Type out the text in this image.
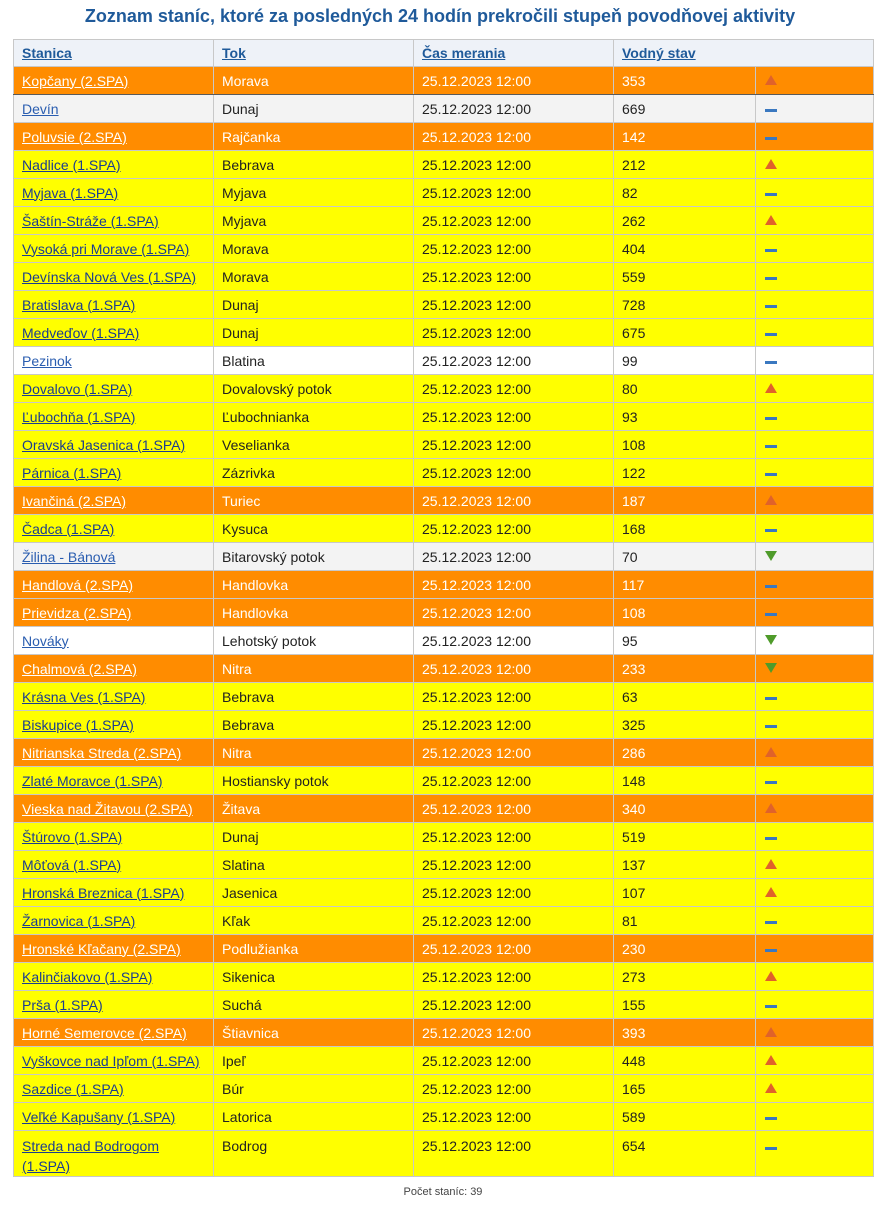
Zoznam staníc, ktoré za posledných 24 hodín prekročili stupeň povodňovej aktivity
Stanica	Tok	Čas merania	Vodný stav	
Kopčany (2.SPA)	Morava	25.12.2023 12:00	353	
Devín	Dunaj	25.12.2023 12:00	669	
Poluvsie (2.SPA)	Rajčanka	25.12.2023 12:00	142	
Nadlice (1.SPA)	Bebrava	25.12.2023 12:00	212	
Myjava (1.SPA)	Myjava	25.12.2023 12:00	82	
Šaštín-Stráže (1.SPA)	Myjava	25.12.2023 12:00	262	
Vysoká pri Morave (1.SPA)	Morava	25.12.2023 12:00	404	
Devínska Nová Ves (1.SPA)	Morava	25.12.2023 12:00	559	
Bratislava (1.SPA)	Dunaj	25.12.2023 12:00	728	
Medveďov (1.SPA)	Dunaj	25.12.2023 12:00	675	
Pezinok	Blatina	25.12.2023 12:00	99	
Dovalovo (1.SPA)	Dovalovský potok	25.12.2023 12:00	80	
Ľubochňa (1.SPA)	Ľubochnianka	25.12.2023 12:00	93	
Oravská Jasenica (1.SPA)	Veselianka	25.12.2023 12:00	108	
Párnica (1.SPA)	Zázrivka	25.12.2023 12:00	122	
Ivančiná (2.SPA)	Turiec	25.12.2023 12:00	187	
Čadca (1.SPA)	Kysuca	25.12.2023 12:00	168	
Žilina - Bánová	Bitarovský potok	25.12.2023 12:00	70	
Handlová (2.SPA)	Handlovka	25.12.2023 12:00	117	
Prievidza (2.SPA)	Handlovka	25.12.2023 12:00	108	
Nováky	Lehotský potok	25.12.2023 12:00	95	
Chalmová (2.SPA)	Nitra	25.12.2023 12:00	233	
Krásna Ves (1.SPA)	Bebrava	25.12.2023 12:00	63	
Biskupice (1.SPA)	Bebrava	25.12.2023 12:00	325	
Nitrianska Streda (2.SPA)	Nitra	25.12.2023 12:00	286	
Zlaté Moravce (1.SPA)	Hostiansky potok	25.12.2023 12:00	148	
Vieska nad Žitavou (2.SPA)	Žitava	25.12.2023 12:00	340	
Štúrovo (1.SPA)	Dunaj	25.12.2023 12:00	519	
Môťová (1.SPA)	Slatina	25.12.2023 12:00	137	
Hronská Breznica (1.SPA)	Jasenica	25.12.2023 12:00	107	
Žarnovica (1.SPA)	Kľak	25.12.2023 12:00	81	
Hronské Kľačany (2.SPA)	Podlužianka	25.12.2023 12:00	230	
Kalinčiakovo (1.SPA)	Sikenica	25.12.2023 12:00	273	
Prša (1.SPA)	Suchá	25.12.2023 12:00	155	
Horné Semerovce (2.SPA)	Štiavnica	25.12.2023 12:00	393	
Vyškovce nad Ipľom (1.SPA)	Ipeľ	25.12.2023 12:00	448	
Sazdice (1.SPA)	Búr	25.12.2023 12:00	165	
Veľké Kapušany (1.SPA)	Latorica	25.12.2023 12:00	589	
Streda nad Bodrogom (1.SPA)	Bodrog	25.12.2023 12:00	654	
Počet staníc: 39
